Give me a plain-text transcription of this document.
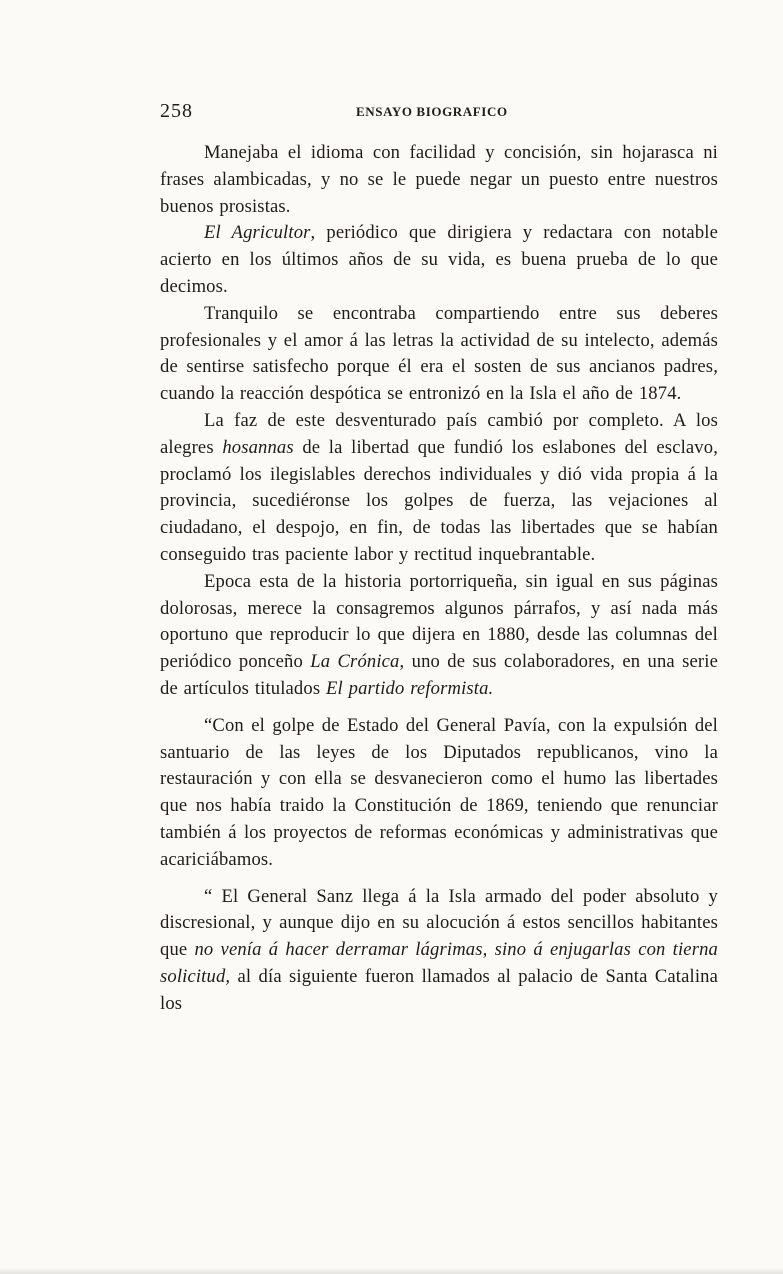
258	ENSAYO BIOGRAFICO

Manejaba el idioma con facilidad y concisión, sin hojarasca ni frases alambicadas, y no se le puede negar un puesto entre nuestros buenos prosistas.

El Agricultor, periódico que dirigiera y redactara con notable acierto en los últimos años de su vida, es buena prueba de lo que decimos.

Tranquilo se encontraba compartiendo entre sus deberes profesionales y el amor á las letras la actividad de su intelecto, además de sentirse satisfecho porque él era el sosten de sus ancianos padres, cuando la reacción despótica se entronizó en la Isla el año de 1874.

La faz de este desventurado país cambió por completo. A los alegres hosannas de la libertad que fundió los eslabones del esclavo, proclamó los ilegislables derechos individuales y dió vida propia á la provincia, sucediéronse los golpes de fuerza, las vejaciones al ciudadano, el despojo, en fin, de todas las libertades que se habían conseguido tras paciente labor y rectitud inquebrantable.

Epoca esta de la historia portorriqueña, sin igual en sus páginas dolorosas, merece la consagremos algunos párrafos, y así nada más oportuno que reproducir lo que dijera en 1880, desde las columnas del periódico ponceño La Crónica, uno de sus colaboradores, en una serie de artículos titulados El partido reformista.

“Con el golpe de Estado del General Pavía, con la expulsión del santuario de las leyes de los Diputados republicanos, vino la restauración y con ella se desvanecieron como el humo las libertades que nos había traido la Constitución de 1869, teniendo que renunciar también á los proyectos de reformas económicas y administrativas que acariciábamos.

“ El General Sanz llega á la Isla armado del poder absoluto y discresional, y aunque dijo en su alocución á estos sencillos habitantes que no venía á hacer derramar lágrimas, sino á enjugarlas con tierna solicitud, al día siguiente fueron llamados al palacio de Santa Catalina los
